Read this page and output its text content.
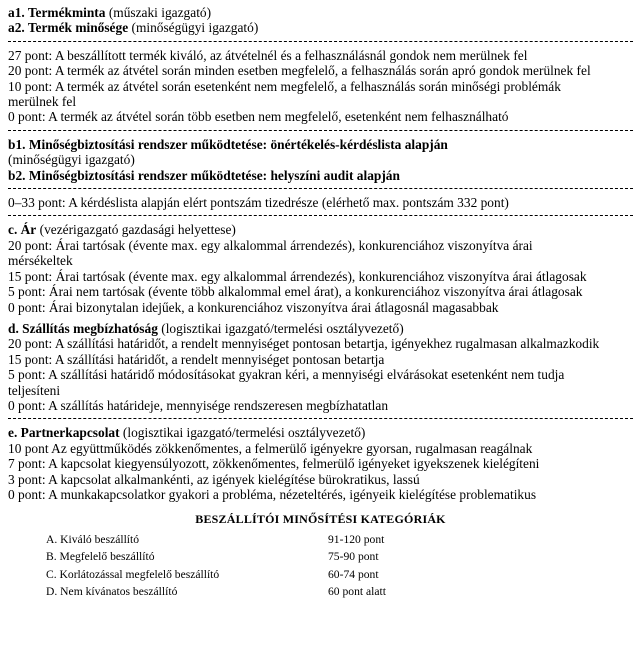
a1. Termékminta (műszaki igazgató)
a2. Termék minősége (minőségügyi igazgató)
27 pont: A beszállított termék kiváló, az átvételnél és a felhasználásnál gondok nem merülnek fel
20 pont: A termék az átvétel során minden esetben megfelelő, a felhasználás során apró gondok merülnek fel
10 pont: A termék az átvétel során esetenként nem megfelelő, a felhasználás során minőségi problémák
merülnek fel
0 pont: A termék az átvétel során több esetben nem megfelelő, esetenként nem felhasználható
b1. Minőségbiztosítási rendszer működtetése: önértékelés-kérdéslista alapján
(minőségügyi igazgató)
b2. Minőségbiztosítási rendszer működtetése: helyszíni audit alapján
0–33 pont: A kérdéslista alapján elért pontszám tizedrésze (elérhető max. pontszám 332 pont)
c. Ár (vezérigazgató gazdasági helyettese)
20 pont: Árai tartósak (évente max. egy alkalommal árrendezés), konkurenciához viszonyítva árai
mérsékeltek
15 pont: Árai tartósak (évente max. egy alkalommal árrendezés), konkurenciához viszonyítva árai átlagosak
5 pont: Árai nem tartósak (évente több alkalommal emel árat), a konkurenciához viszonyítva árai átlagosak
0 pont: Árai bizonytalan idejűek, a konkurenciához viszonyítva árai átlagosnál magasabbak
d. Szállítás megbízhatóság (logisztikai igazgató/termelési osztályvezető)
20 pont: A szállítási határidőt, a rendelt mennyiséget pontosan betartja, igényekhez rugalmasan alkalmazkodik
15 pont: A szállítási határidőt, a rendelt mennyiséget pontosan betartja
5 pont: A szállítási határidő módosításokat gyakran kéri, a mennyiségi elvárásokat esetenként nem tudja
teljesíteni
0 pont: A szállítás határideje, mennyisége rendszeresen megbízhatatlan
e. Partnerkapcsolat (logisztikai igazgató/termelési osztályvezető)
10 pont Az együttműködés zökkenőmentes, a felmerülő igényekre gyorsan, rugalmasan reagálnak
7 pont: A kapcsolat kiegyensúlyozott, zökkenőmentes, felmerülő igényeket igyekszenek kielégíteni
3 pont: A kapcsolat alkalmankénti, az igények kielégítése bürokratikus, lassú
0 pont: A munkakapcsolatkor gyakori a probléma, nézeteltérés, igényeik kielégítése problematikus
BESZÁLLÍTÓI MINŐSÍTÉSI KATEGÓRIÁK
A. Kiváló beszállító	91-120 pont
B. Megfelelő beszállító	75-90 pont
C. Korlátozással megfelelő beszállító	60-74 pont
D. Nem kívánatos beszállító	60 pont alatt
